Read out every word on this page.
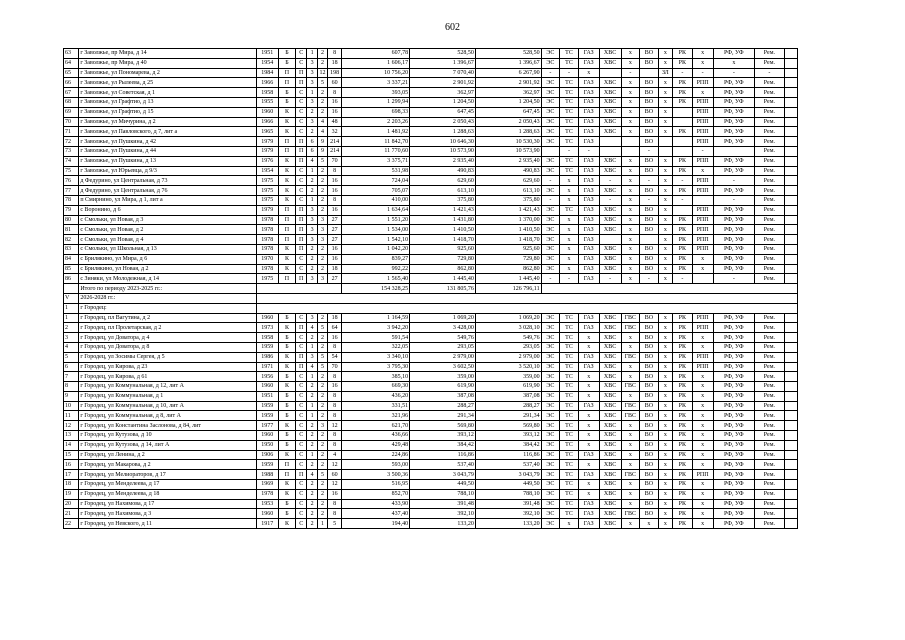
602
63	г Заволжье, пр Мира, д 14	1951	Б	С	1	2	8	607,78	528,50	528,50	ЭС	ТС	ГАЗ	ХВС	х	ВО	х	РК	х	РФ, УФ	Рем.	
64	г Заволжье, пр Мира, д 40	1954	Б	С	3	2	18	1 606,17	1 396,67	1 396,67	ЭС	ТС	ГАЗ	ХВС	х	ВО	х	РК	х	х	Рем.	
65	г Заволжье, ул Пономарева, д 2	1984	П	П	3	12	198	10 756,20	7 070,40	6 267,90	-	-	х		-		ЗЛ	-	-	-	-	
66	г Заволжье, ул Рылеева, д 25	1966	П	П	3	5	60	3 337,21	2 901,92	2 901,92	ЭС	ТС	ГАЗ	ХВС	х	ВО	х	РК	РПП	РФ, УФ	Рем.	
67	г Заволжье, ул Советская, д 1	1958	Б	С	1	2	8	393,05	362,97	362,97	ЭС	ТС	ГАЗ	ХВС	х	ВО	х	РК	х	РФ, УФ	Рем.	
68	г Заволжье, ул Графтио, д 13	1955	Б	С	3	2	16	1 299,94	1 204,50	1 204,50	ЭС	ТС	ГАЗ	ХВС	х	ВО	х	РК	РПП	РФ, УФ	Рем.	
69	г Заволжье, ул Графтио, д 15	1960	К	С	2	2	16	698,33	647,45	647,45	ЭС	ТС	ГАЗ	ХВС	х	ВО	х		РПП	РФ, УФ	Рем.	
70	г Заволжье, ул Мичурина, д 2	1966	К	С	3	4	48	2 203,26	2 050,43	2 050,43	ЭС	ТС	ГАЗ	ХВС	х	ВО	х		РПП	РФ, УФ	Рем.	
71	г Заволжье, ул Павловского, д 7, лит а	1965	К	С	2	4	32	1 481,92	1 288,63	1 288,63	ЭС	ТС	ГАЗ	ХВС	х	ВО	х	РК	РПП	РФ, УФ	Рем.	
72	г Заволжье, ул Пушкина, д 42	1979	П	П	6	9	214	11 842,70	10 646,30	10 530,30	ЭС	ТС	ГАЗ			ВО			РПП	РФ, УФ	Рем.	
73	г Заволжье, ул Пушкина, д 44	1979	П	П	6	9	214	11 770,60	10 573,90	10 573,90		-	-			-			-		Рем.	
74	г Заволжье, ул Пушкина, д 13	1976	К	П	4	5	70	3 375,71	2 935,40	2 935,40	ЭС	ТС	ГАЗ	ХВС	х	ВО	х	РК	РПП	РФ, УФ	Рем.	
75	г Заволжье, ул Юрьевца, д 9/3	1954	К	С	1	2	8	531,98	490,83	490,83	ЭС	ТС	ГАЗ	ХВС	х	ВО	х	РК	х	РФ, УФ	Рем.	
76	д Федурино, ул Центральная, д 73	1975	К	С	2	2	16	724,04	629,60	629,60	-	х	ГАЗ	-	х	-	х	-	РПП	-	Рем.	
77	д Федурино, ул Центральная, д 76	1975	К	С	2	2	16	705,07	613,10	613,10	ЭС	х	ГАЗ	ХВС	х	ВО	х	РК	РПП	РФ, УФ	Рем.	
78	п Смирнино, ул Мира, д 1, лит а	1975	К	С	1	2	8	410,00	375,80	375,80	-	х	ГАЗ	-	х	-	х	-		-	Рем.	
79	с Воронино, д 6	1979	П	П	3	2	16	1 634,64	1 421,43	1 421,43	ЭС	ТС	ГАЗ	ХВС	х	ВО	х		РПП	РФ, УФ	Рем.	
80	с Смольки, ул Новая, д 3	1978	П	П	3	3	27	1 551,20	1 431,80	1 370,00	ЭС	х	ГАЗ	ХВС	х	ВО	х	РК	РПП	РФ, УФ	Рем.	
81	с Смольки, ул Новая, д 2	1978	П	П	3	3	27	1 534,00	1 410,50	1 410,50	ЭС	х	ГАЗ	ХВС	х	ВО	х	РК	РПП	РФ, УФ	Рем.	
82	с Смольки, ул Новая, д 4	1978	П	П	3	3	27	1 542,10	1 418,70	1 418,70	ЭС	х	ГАЗ		х		х	РК	РПП	РФ, УФ	Рем.	
83	с Смольки, ул Школьная, д 13	1978	К	П	2	2	16	1 042,20	925,60	925,60	ЭС	х	ГАЗ	ХВС	х	ВО	х	РК	РПП	РФ, УФ	Рем.	
84	с Брилякино, ул Мира, д 6	1970	К	С	2	2	16	839,27	729,80	729,80	ЭС	х	ГАЗ	ХВС	х	ВО	х	РК	х	РФ, УФ	Рем.	
85	с Брилякино, ул Новая, д 2	1978	К	С	2	2	18	992,22	862,80	862,80	ЭС	х	ГАЗ	ХВС	х	ВО	х	РК	х	РФ, УФ	Рем.	
86	с Зиняки, ул Молодежная, д 14	1975	П	П	3	3	27	1 565,40	1 445,40	1 445,40	-	-	ГАЗ	-	х	-	х	-		-	Рем.	
	Итого по периоду 2023-2025 гг.:							154 328,25	131 805,76	126 796,11												
V	2026-2028 гг.:																					
1	г Городец:																					
1	г Городец, пл Вагутина, д 2	1960	Б	С	3	2	18	1 164,59	1 069,20	1 069,20	ЭС	ТС	ГАЗ	ХВС	ГВС	ВО	х	РК	РПП	РФ, УФ	Рем.	
2	г Городец, пл Пролетарская, д 2	1973	К	П	4	5	64	3 942,20	3 428,00	3 028,10	ЭС	ТС	ГАЗ	ХВС	ГВС	ВО	х	РК	РПП	РФ, УФ	Рем.	
3	г Городец, ул Доватора, д 4	1958	Б	С	2	2	16	591,54	549,76	549,76	ЭС	ТС	х	ХВС	х	ВО	х	РК	х	РФ, УФ	Рем.	
4	г Городец, ул Доватора, д 8	1959	Б	С	1	2	8	322,05	293,05	293,05	ЭС	ТС	х	ХВС	х	ВО	х	РК	х	РФ, УФ	Рем.	
5	г Городец, ул Зосимы Сергея, д 5	1986	К	П	3	5	54	3 340,10	2 979,00	2 979,00	ЭС	ТС	ГАЗ	ХВС	ГВС	ВО	х	РК	РПП	РФ, УФ	Рем.	
6	г Городец, ул Кирова, д 23	1971	К	П	4	5	70	3 795,30	3 602,50	3 520,10	ЭС	ТС	ГАЗ	ХВС	х	ВО	х	РК	РПП	РФ, УФ	Рем.	
7	г Городец, ул Кирова, д 61	1956	Б	С	1	2	8	385,10	359,00	359,00	ЭС	ТС	х	ХВС	х	ВО	х	РК	х	РФ, УФ	Рем.	
8	г Городец, ул Коммунальная, д 12, лит А	1960	К	С	2	2	16	669,30	619,90	619,90	ЭС	ТС	х	ХВС	ГВС	ВО	х	РК	х	РФ, УФ	Рем.	
9	г Городец, ул Коммунальная, д 1	1951	Б	С	2	2	8	436,20	387,08	387,08	ЭС	ТС	х	ХВС	х	ВО	х	РК	х	РФ, УФ	Рем.	
10	г Городец, ул Коммунальная, д 10, лит А	1959	Б	С	1	2	8	331,51	288,27	288,27	ЭС	ТС	ГАЗ	ХВС	ГВС	ВО	х	РК	х	РФ, УФ	Рем.	
11	г Городец, ул Коммунальная, д 8, лит А	1959	Б	С	1	2	8	321,96	291,34	291,34	ЭС	ТС	х	ХВС	ГВС	ВО	х	РК	х	РФ, УФ	Рем.	
12	г Городец, ул Константина Заслонова, д 84, лит	1977	К	С	2	3	12	621,70	569,80	569,80	ЭС	ТС	х	ХВС	х	ВО	х	РК	х	РФ, УФ	Рем.	
13	г Городец, ул Кутузова, д 10	1960	Б	С	2	2	8	436,66	393,12	393,12	ЭС	ТС	х	ХВС	х	ВО	х	РК	х	РФ, УФ	Рем.	
14	г Городец, ул Кутузова, д 14, лит А	1950	Б	С	2	2	8	429,48	384,42	384,42	ЭС	ТС	х	ХВС	х	ВО	х	РК	х	РФ, УФ	Рем.	
15	г Городец, ул Ленина, д 2	1906	К	С	1	2	4	224,86	116,86	116,86	ЭС	ТС	ГАЗ	ХВС	х	ВО	х	РК	х	РФ, УФ	Рем.	
16	г Городец, ул Макарова, д 2	1959	П	С	2	2	12	593,00	537,40	537,40	ЭС	ТС	х	ХВС	х	ВО	х	РК	х	РФ, УФ	Рем.	
17	г Городец, ул Мелиораторов, д 17	1988	П	П	4	5	60	3 500,36	3 043,79	3 043,79	ЭС	ТС	ГАЗ	ХВС	ГВС	ВО	х	РК	РПП	РФ, УФ	Рем.	
18	г Городец, ул Менделеева, д 17	1969	К	С	2	2	12	516,95	449,50	449,50	ЭС	ТС	х	ХВС	х	ВО	х	РК	х	РФ, УФ	Рем.	
19	г Городец, ул Менделеева, д 18	1978	К	С	2	2	16	852,70	788,10	788,10	ЭС	ТС	х	ХВС	х	ВО	х	РК	х	РФ, УФ	Рем.	
20	г Городец, ул Нахимова, д 17	1953	Б	С	2	2	8	433,90	391,48	391,48	ЭС	ТС	ГАЗ	ХВС	х	ВО	х	РК	х	РФ, УФ	Рем.	
21	г Городец, ул Нахимова, д 3	1960	Б	С	2	2	8	437,40	392,10	392,10	ЭС	ТС	ГАЗ	ХВС	ГВС	ВО	х	РК	х	РФ, УФ	Рем.	
22	г Городец, ул Невского, д 11	1917	К	С	2	1	5	194,40	133,20	133,20	ЭС	х	ГАЗ	ХВС	х	х	х	РК	х	РФ, УФ	Рем.	
